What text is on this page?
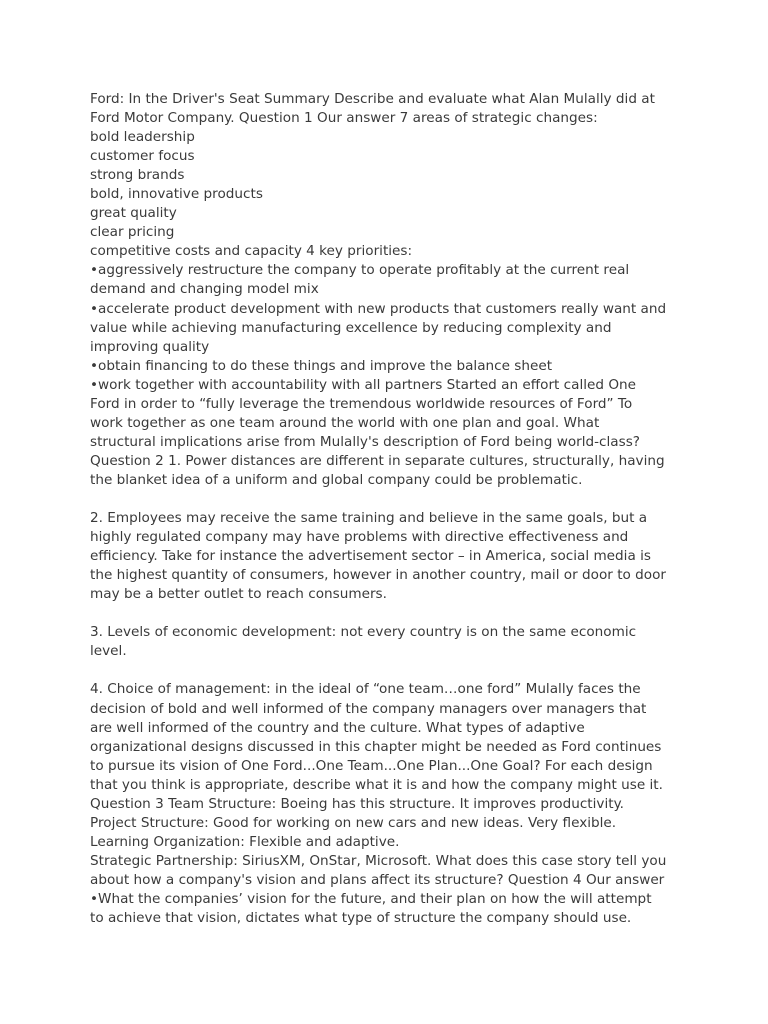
Ford: In the Driver's Seat Summary Describe and evaluate what Alan Mulally did at
Ford Motor Company. Question 1 Our answer 7 areas of strategic changes:
bold leadership
customer focus
strong brands
bold, innovative products
great quality
clear pricing
competitive costs and capacity 4 key priorities:
•aggressively restructure the company to operate profitably at the current real
demand and changing model mix
•accelerate product development with new products that customers really want and
value while achieving manufacturing excellence by reducing complexity and
improving quality
•obtain financing to do these things and improve the balance sheet
•work together with accountability with all partners Started an effort called One
Ford in order to “fully leverage the tremendous worldwide resources of Ford” To
work together as one team around the world with one plan and goal. What
structural implications arise from Mulally's description of Ford being world-class?
Question 2 1. Power distances are different in separate cultures, structurally, having
the blanket idea of a uniform and global company could be problematic.
2. Employees may receive the same training and believe in the same goals, but a
highly regulated company may have problems with directive effectiveness and
efficiency. Take for instance the advertisement sector – in America, social media is
the highest quantity of consumers, however in another country, mail or door to door
may be a better outlet to reach consumers.
3. Levels of economic development: not every country is on the same economic
level.
4. Choice of management: in the ideal of “one team…one ford” Mulally faces the
decision of bold and well informed of the company managers over managers that
are well informed of the country and the culture. What types of adaptive
organizational designs discussed in this chapter might be needed as Ford continues
to pursue its vision of One Ford...One Team...One Plan...One Goal? For each design
that you think is appropriate, describe what it is and how the company might use it.
Question 3 Team Structure: Boeing has this structure. It improves productivity.
Project Structure: Good for working on new cars and new ideas. Very flexible.
Learning Organization: Flexible and adaptive.
Strategic Partnership: SiriusXM, OnStar, Microsoft. What does this case story tell you
about how a company's vision and plans affect its structure? Question 4 Our answer
•What the companies’ vision for the future, and their plan on how the will attempt
to achieve that vision, dictates what type of structure the company should use.
